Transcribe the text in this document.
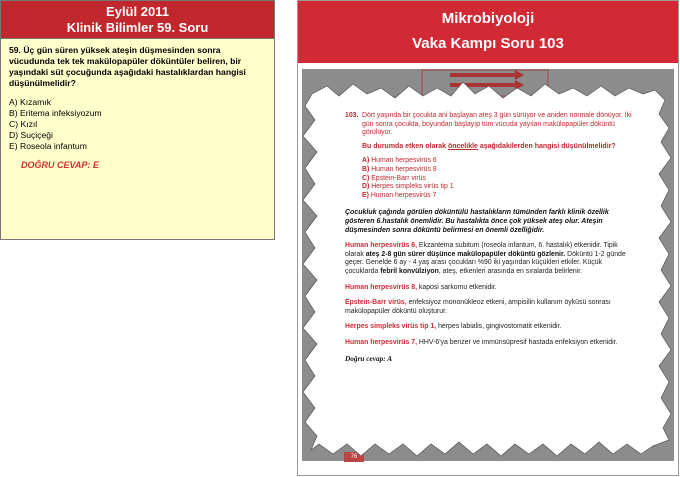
Eylül 2011
Klinik Bilimler 59. Soru
59. Üç gün süren yüksek ateşin düşmesinden sonra vücudunda tek tek makülopapüler döküntüler beliren, bir yaşındaki süt çocuğunda aşağıdaki hastalıklardan hangisi düşünülmelidir?
A) Kızamık
B) Eritema infeksiyozum
C) Kızıl
D) Suçiçeği
E) Roseola infantum
DOĞRU CEVAP: E
Mikrobiyoloji
Vaka Kampı Soru 103
76
103. Dört yaşında bir çocukta ani başlayan ateş 3 gün sürüyor ve aniden normale dönüyor. İki gün sonra çocukta, boyundan başlayıp tüm vücuda yayılan makülopapüler döküntü görülüyor.
Bu durumda etken olarak öncelikle aşağıdakilerden hangisi düşünülmelidir?
A) Human herpesvirüs 6
B) Human herpesvirüs 8
C) Epstein-Barr virüs
D) Herpes simpleks virüs tip 1
E) Human herpesvirüs 7
Çocukluk çağında görülen döküntülü hastalıkların tümünden farklı klinik özellik gösteren 6.hastalık önemlidir. Bu hastalıkta önce çok yüksek ateş olur. Ateşin düşmesinden sonra döküntü belirmesi en önemli özelliğidir.
Human herpesvirüs 6, Ekzantema subitum (roseola infantum, 6. hastalık) etkenidir. Tipik olarak ateş 2-8 gün sürer düşünce makülopapüler döküntü gözlenir. Döküntü 1-2 günde geçer. Genelde 6 ay - 4 yaş arası çocukları %90 iki yaşından küçükleri etkiler. Küçük çocuklarda febril konvülziyon, ateş, etkenleri arasında en sıralarda belirlenir.
Human herpesvirüs 8, kaposi sarkomu etkenidir.
Epstein-Barr virüs, enfeksiyoz mononükleoz etkeni, ampisilin kullanım öyküsü sonrası makülopapüler döküntü oluşturur.
Herpes simpleks virüs tip 1, herpes labialis, gingivostomatit etkenidir.
Human herpesvirüs 7, HHV-6'ya benzer ve immünsüpresif hastada enfeksiyon etkenidir.
Doğru cevap: A
